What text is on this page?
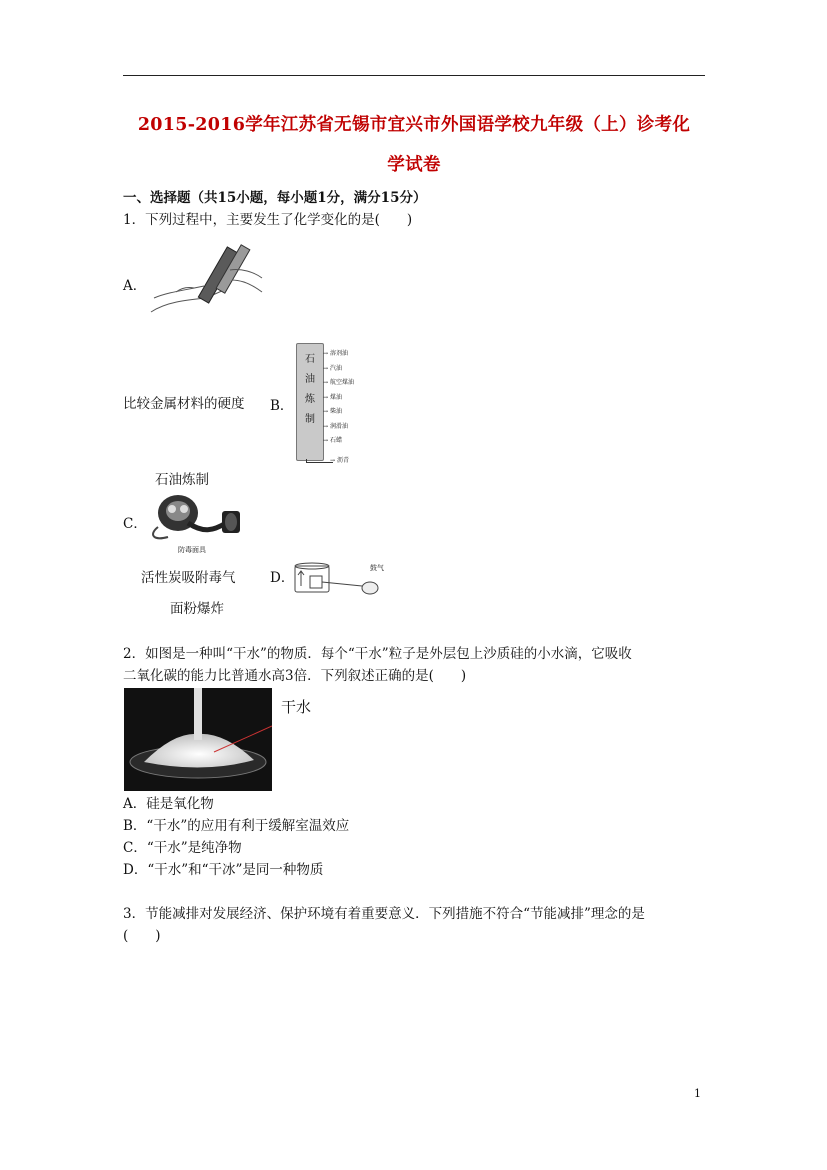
2015-2016学年江苏省无锡市宜兴市外国语学校九年级（上）诊考化
学试卷
一、选择题（共15小题，每小题1分，满分15分）
1．下列过程中，主要发生了化学变化的是(　　)
A．
比较金属材料的硬度 B．
石
油
炼
制
→ 溶剂油
→ 汽油
→ 航空煤油
→ 煤油
→ 柴油
→ 润滑油
→ 石蜡
→ 沥青
石油炼制
C．
防毒面具
活性炭吸附毒气	D．
鼓气
面粉爆炸
2．如图是一种叫“干水”的物质．每个“干水”粒子是外层包上沙质硅的小水滴，它吸收
二氧化碳的能力比普通水高3倍．下列叙述正确的是(　　)
干水
A．硅是氧化物
B．“干水”的应用有利于缓解室温效应
C．“干水”是纯净物
D．“干水”和“干冰”是同一种物质
3．节能减排对发展经济、保护环境有着重要意义．下列措施不符合“节能减排”理念的是
(　　)
1
